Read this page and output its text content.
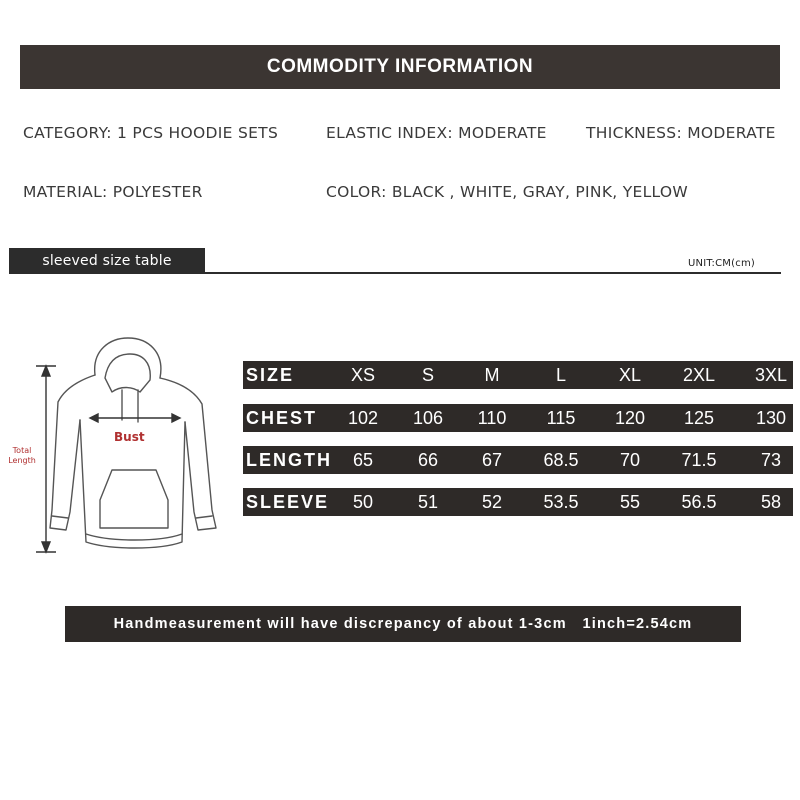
COMMODITY INFORMATION
CATEGORY: 1 PCS HOODIE SETS	ELASTIC INDEX: MODERATE	THICKNESS: MODERATE
MATERIAL: POLYESTER	COLOR: BLACK , WHITE, GRAY, PINK, YELLOW
sleeved size table	UNIT:CM(cm)
Total Length
Bust
SIZE	XS	S	M	L	XL	2XL	3XL
CHEST	102	106	110	115	120	125	130
LENGTH	65	66	67	68.5	70	71.5	73
SLEEVE	50	51	52	53.5	55	56.5	58
Handmeasurement will have discrepancy of about 1-3cm   1inch=2.54cm
